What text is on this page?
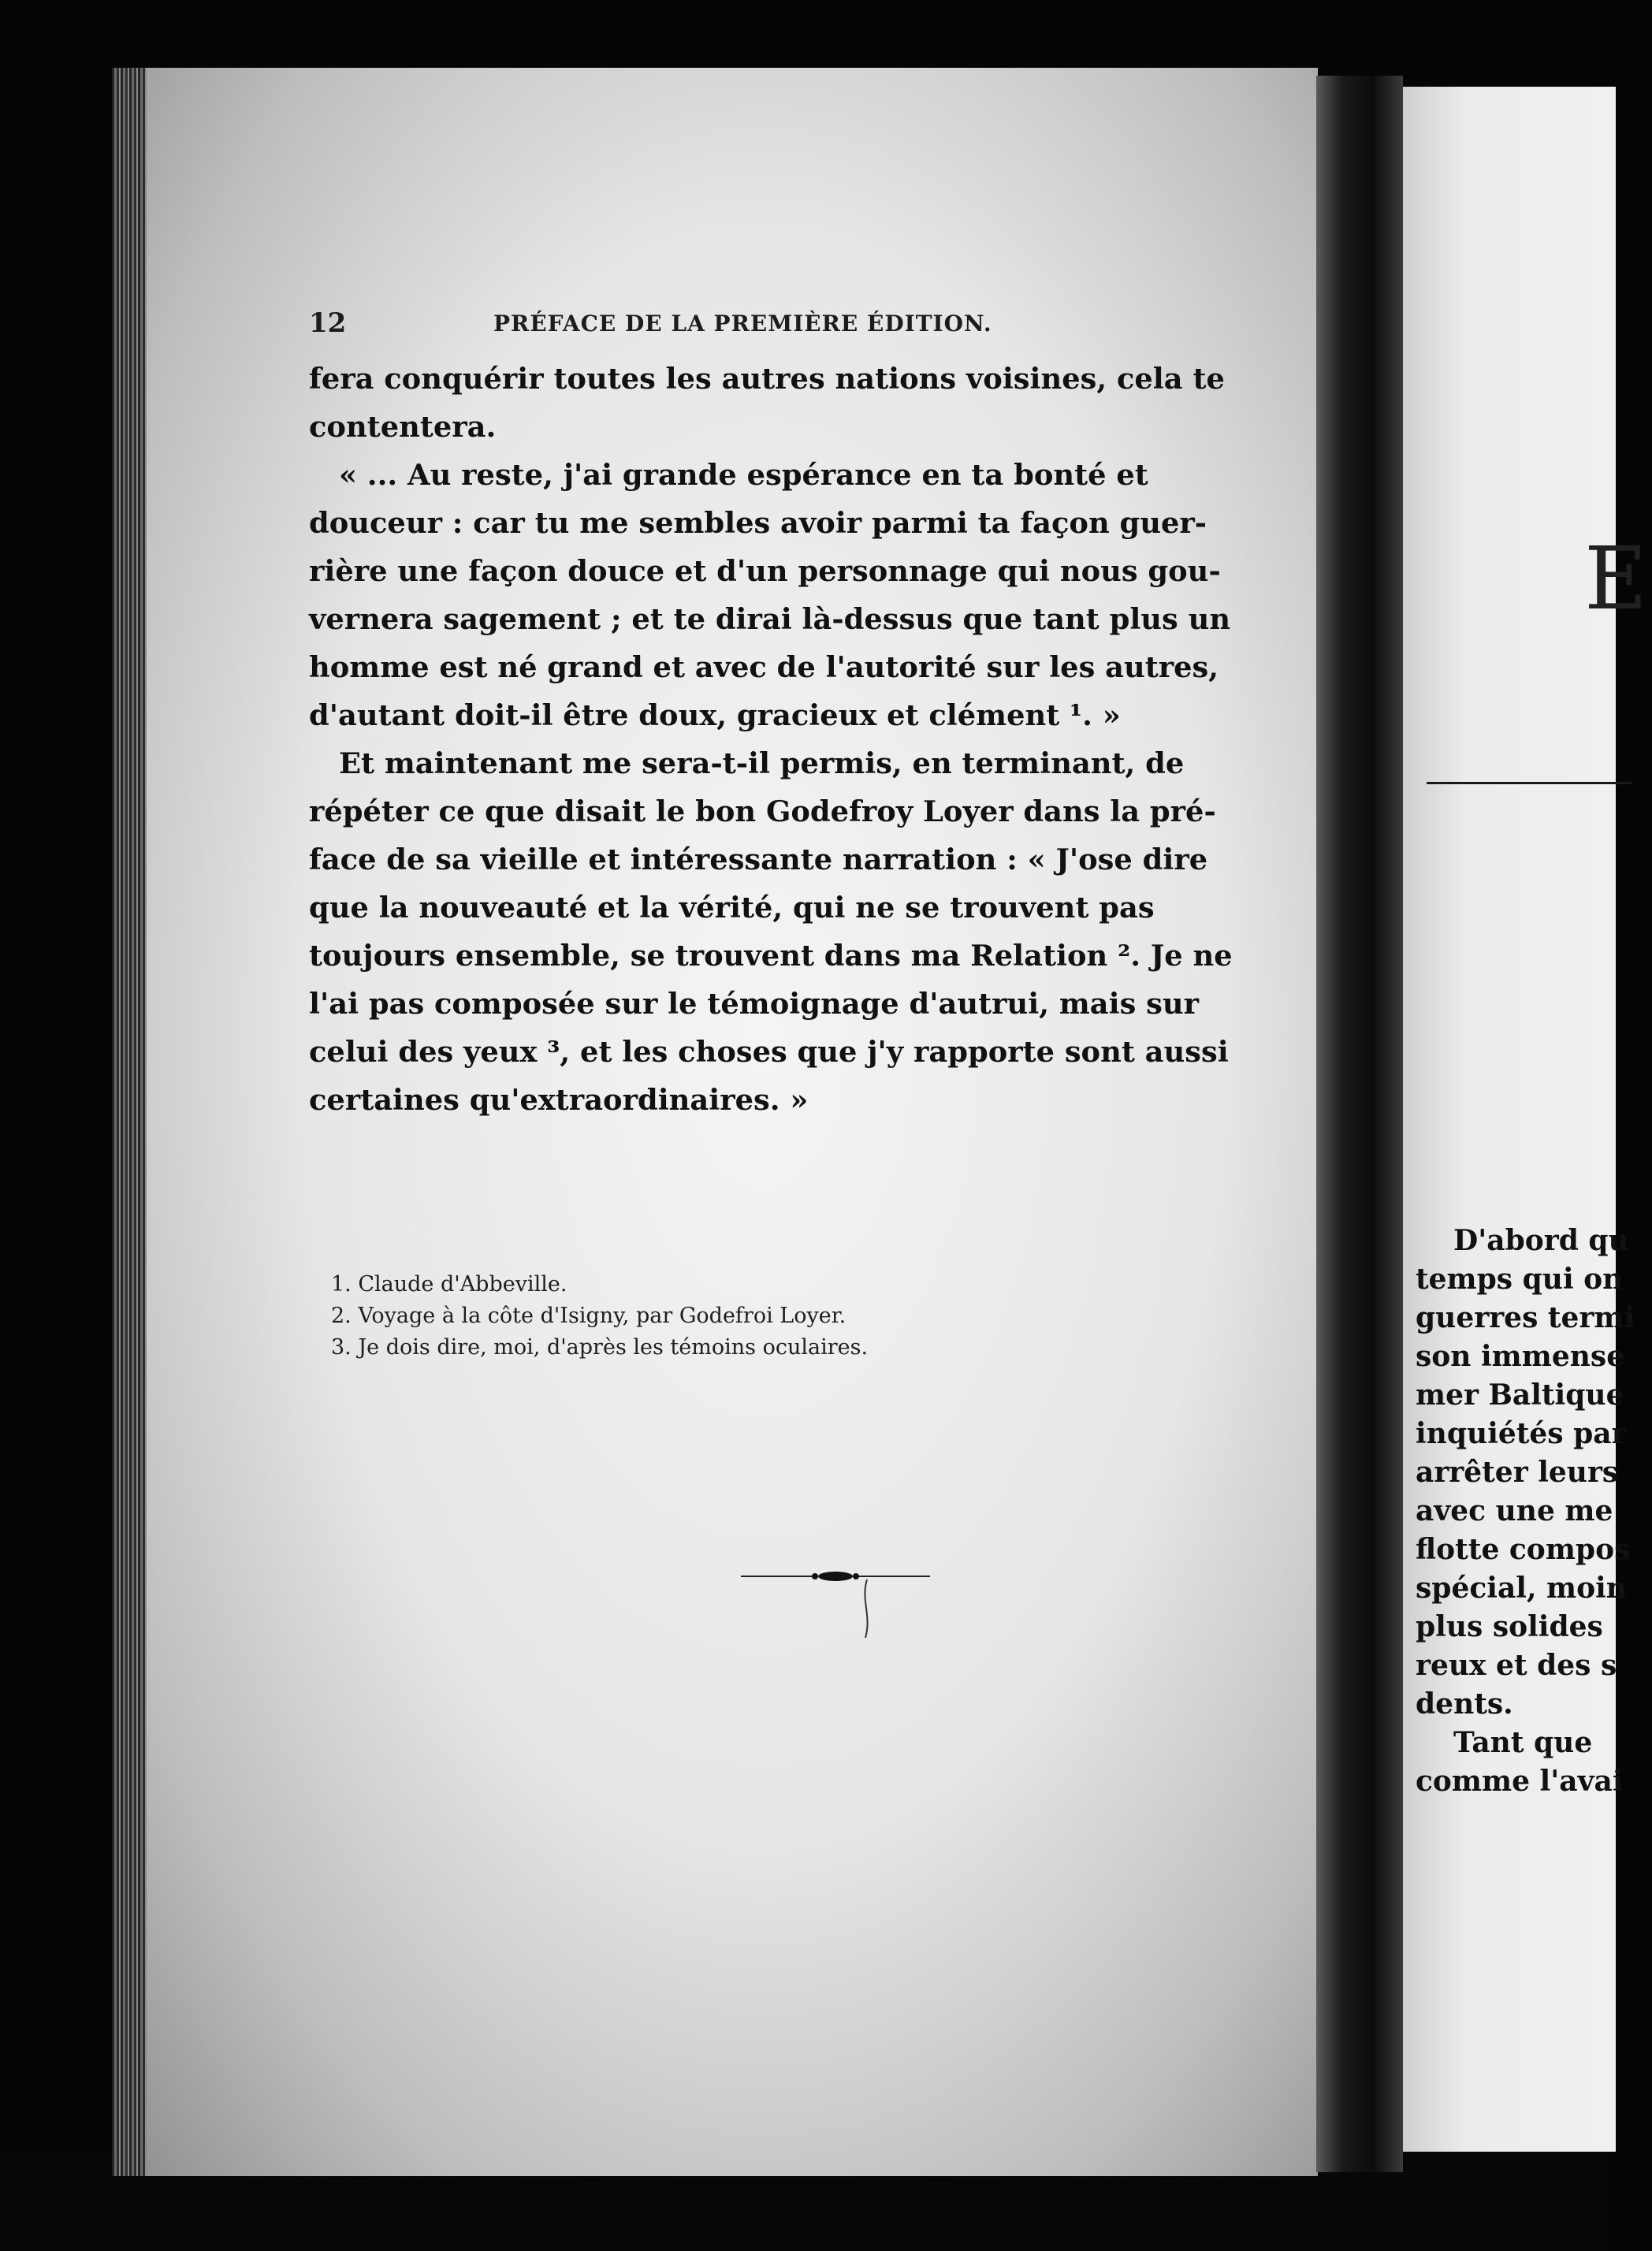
12	PRÉFACE DE LA PREMIÈRE ÉDITION.
fera conquérir toutes les autres nations voisines, cela te
contentera.
« ... Au reste, j'ai grande espérance en ta bonté et
douceur : car tu me sembles avoir parmi ta façon guer-
rière une façon douce et d'un personnage qui nous gou-
vernera sagement ; et te dirai là-dessus que tant plus un
homme est né grand et avec de l'autorité sur les autres,
d'autant doit-il être doux, gracieux et clément ¹. »
Et maintenant me sera-t-il permis, en terminant, de
répéter ce que disait le bon Godefroy Loyer dans la pré-
face de sa vieille et intéressante narration : « J'ose dire
que la nouveauté et la vérité, qui ne se trouvent pas
toujours ensemble, se trouvent dans ma Relation ². Je ne
l'ai pas composée sur le témoignage d'autrui, mais sur
celui des yeux ³, et les choses que j'y rapporte sont aussi
certaines qu'extraordinaires. »
1. Claude d'Abbeville.
2. Voyage à la côte d'Isigny, par Godefroi Loyer.
3. Je dois dire, moi, d'après les témoins oculaires.
E
D'abord qu
temps qui on
guerres termi
son immense
mer Baltique
inquiétés par
arrêter leurs
avec une me
flotte compos
spécial, moin
plus solides
reux et des s
dents.
Tant que
comme l'avai
